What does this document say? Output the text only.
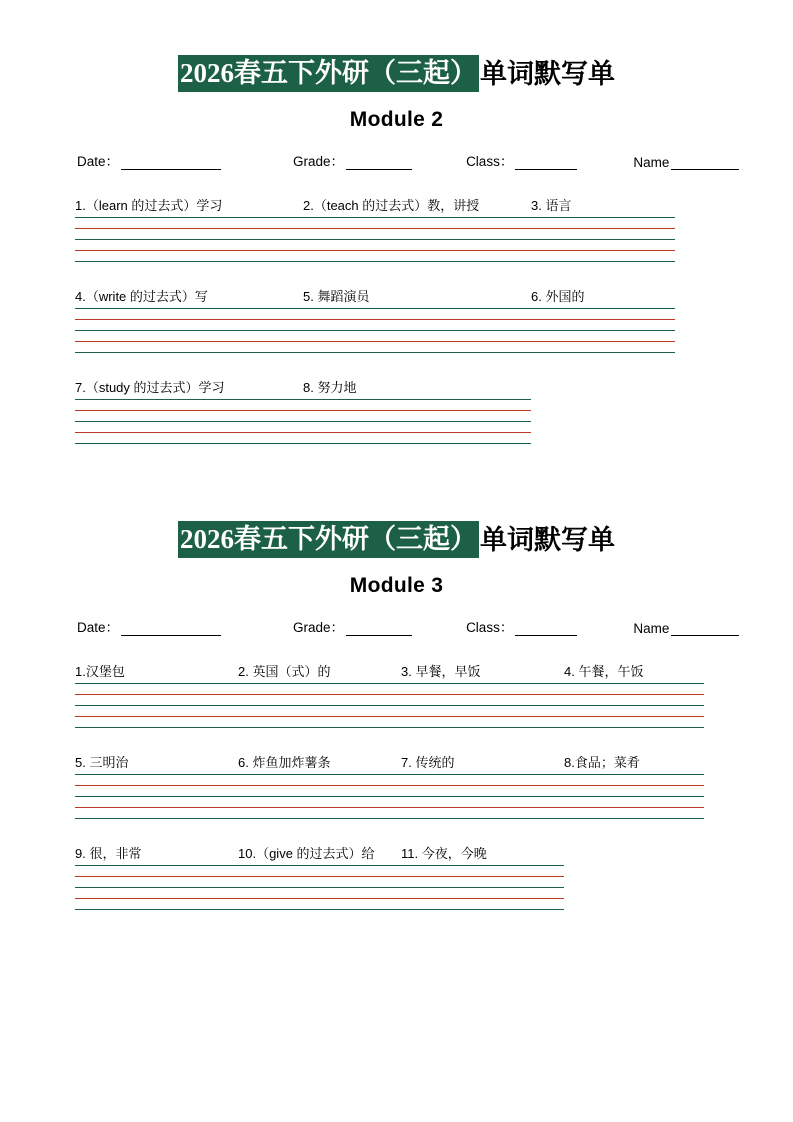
2026春五下外研（三起） 单词默写单
Module 2
Date：	Grade：	Class：	Name
1.（learn 的过去式）学习	2.（teach 的过去式）教，讲授	3. 语言
4.（write 的过去式）写	5. 舞蹈演员	6. 外国的
7.（study 的过去式）学习	8. 努力地
2026春五下外研（三起） 单词默写单
Module 3
Date：	Grade：	Class：	Name
1.汉堡包	2. 英国（式）的	3. 早餐，早饭	4. 午餐，午饭
5. 三明治	6. 炸鱼加炸薯条	7. 传统的	8.食品；菜肴
9. 很，非常	10.（give 的过去式）给	11. 今夜，今晚
